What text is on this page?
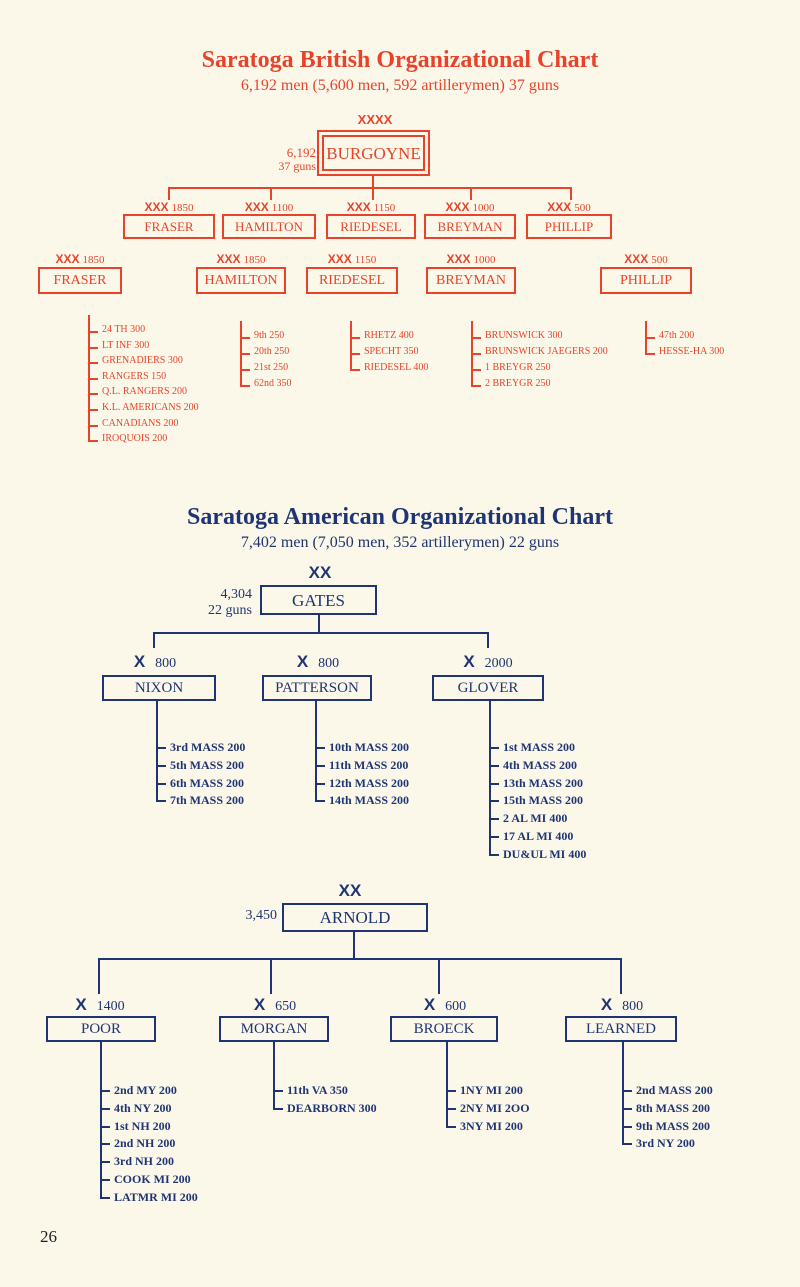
Saratoga British Organizational Chart
6,192 men (5,600 men, 592 artillerymen) 37 guns
XXXX
6,192
37 guns
BURGOYNE
XXX 1850
FRASER
XXX 1100
HAMILTON
XXX 1150
RIEDESEL
XXX 1000
BREYMAN
XXX 500
PHILLIP
XXX 1850
FRASER
24 TH 300
LT INF 300
GRENADIERS 300
RANGERS 150
Q.L. RANGERS 200
K.L. AMERICANS 200
CANADIANS 200
IROQUOIS 200
XXX 1850
HAMILTON
9th 250
20th 250
21st 250
62nd 350
XXX 1150
RIEDESEL
RHETZ 400
SPECHT 350
RIEDESEL 400
XXX 1000
BREYMAN
BRUNSWICK 300
BRUNSWICK JAEGERS 200
1 BREYGR 250
2 BREYGR 250
XXX 500
PHILLIP
47th 200
HESSE-HA 300
Saratoga American Organizational Chart
7,402 men (7,050 men, 352 artillerymen) 22 guns
XX
4,304
22 guns
GATES
X 800
NIXON
3rd MASS 200
5th MASS 200
6th MASS 200
7th MASS 200
X 800
PATTERSON
10th MASS 200
11th MASS 200
12th MASS 200
14th MASS 200
X 2000
GLOVER
1st MASS 200
4th MASS 200
13th MASS 200
15th MASS 200
2 AL MI 400
17 AL MI 400
DU&UL MI 400
XX
3,450	ARNOLD
X 1400
POOR
2nd MY 200
4th NY 200
1st NH 200
2nd NH 200
3rd NH 200
COOK MI 200
LATMR MI 200
X 650
MORGAN
11th VA 350
DEARBORN 300
X 600
BROECK
1NY MI 200
2NY MI 2OO
3NY MI 200
X 800
LEARNED
2nd MASS 200
8th MASS 200
9th MASS 200
3rd NY 200
26
